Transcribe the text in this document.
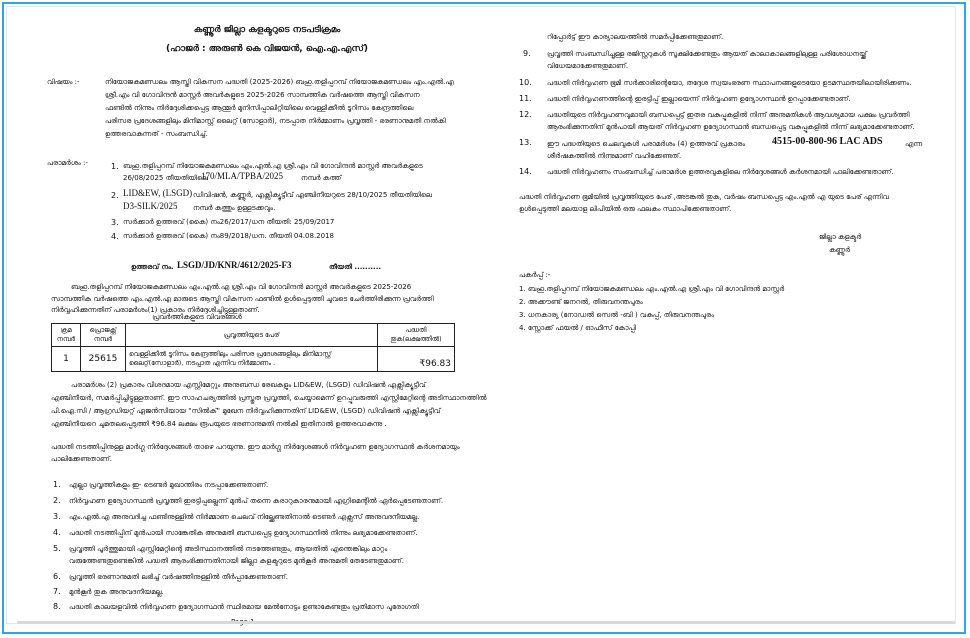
കണ്ണൂർ ജില്ലാ കളക്ടറുടെ നടപടിക്രമം
(ഹാജർ : അരുൺ കെ വിജയൻ, ഐ.എ.എസ്)
വിഷയം :-	നിയോജകമണ്ഡലം ആസ്തി വികസന പദ്ധതി (2025-2026) ബഹു.തളിപ്പറമ്പ് നിയോജകമണ്ഡലം എം.എൽ.എ
ശ്രീ.എം വി ഗോവിന്ദൻ മാസ്റ്റർ അവർകളുടെ 2025-2026 സാമ്പത്തിക വർഷത്തെ ആസ്തി വികസന
ഫണ്ടിൽ നിന്നും നിർദ്ദേശിക്കപ്പെട്ട ആന്തൂർ മുനിസിപ്പാലിറ്റിയിലെ വെള്ളിക്കീൽ ടൂറിസം കേന്ദ്രത്തിലെ
പരിസര പ്രദേശങ്ങളിലും മിനിമാസ്റ്റ് ലൈറ്റ് (സോളാർ), നടപ്പാത നിർമ്മാണം പ്രവൃത്തി - ഭരണാനുമതി നൽകി
ഉത്തരവാകുന്നത് - സംബന്ധിച്ച്.
പരാമർശം :-	1. ബഹു.തളിപ്പറമ്പ് നിയോജകമണ്ഡലം എം.എൽ.എ ശ്രീ.എം വി ഗോവിന്ദൻ മാസ്റ്റർ അവർകളുടെ
26/08/2025 തീയതിയിലെ
170/MLA/TPBA/2025	നമ്പർ കത്ത്
2. LID&EW, (LSGD) ഡിവിഷൻ, കണ്ണൂർ, എക്സിക്യൂട്ടീവ് എഞ്ചിനീയറുടെ 28/10/2025 തീയതിയിലെ
D3-SILK/2025 നമ്പർ കത്തും ഉള്ളടക്കവും.
3. സർക്കാർ ഉത്തരവ് (കൈ) നം26/2017/ധന തീയതി: 25/09/2017
4. സർക്കാർ ഉത്തരവ് (കൈ) നം89/2018/ധന. തീയതി 04.08.2018
ഉത്തരവ് നം. LSGD/JD/KNR/4612/2025-F3	തീയതി ..........
ബഹു.തളിപ്പറമ്പ് നിയോജകമണ്ഡലം എം.എൽ.എ ശ്രീ.എം വി ഗോവിന്ദൻ മാസ്റ്റർ അവർകളുടെ 2025-2026
സാമ്പത്തിക വർഷത്തെ എം.എൽ.എ മാരുടെ ആസ്തി വികസന ഫണ്ടിൽ ഉൾപ്പെടുത്തി ചുവടെ ചേർത്തിരിക്കുന്ന പ്രവർത്തി
നിർവ്വഹിക്കുന്നതിന് പരാമർശം(1) പ്രകാരം നിർദ്ദേശിച്ചിട്ടുള്ളതാണ്.
പ്രവർത്തികളുടെ വിവരങ്ങൾ
ക്രമ നമ്പർ	പ്രൊജക്റ്റ് നമ്പർ	പ്രവൃത്തിയുടെ പേര്	പദ്ധതി തുക(ലക്ഷത്തിൽ)
1	25615	വെള്ളിക്കീൽ ടൂറിസം കേന്ദ്രത്തിലും പരിസര പ്രദേശങ്ങളിലും മിനിമാസ്റ്റ് ലൈറ്റ്(സോളാർ), നടപ്പാത എന്നിവ നിർമ്മാണം .	₹96.83
പരാമർശം (2) പ്രകാരം വിശദമായ എസ്റ്റിമേറ്റും അനുബന്ധ രേഖകളും LID&EW, (LSGD) ഡിവിഷൻ എക്സിക്യൂട്ടീവ്
എഞ്ചിനീയർ, സമർപ്പിച്ചിട്ടുള്ളതാണ്. ഈ സാഹചര്യത്തിൽ പ്രസ്തുത പ്രവൃത്തി, ചെയ്യാമെന്ന് ഉറപ്പുവരുത്തി എസ്റ്റിമേറ്റിന്റെ അടിസ്ഥാനത്തിൽ
പി.ഐ.സി / ആഗ്രഡിയറ്റ് ഏജൻസിയായ "സിൽക്" മുഖേന നിർവ്വഹിക്കുന്നതിന് LID&EW, (LSGD) ഡിവിഷൻ എക്സിക്യൂട്ടീവ്
എഞ്ചിനീയറെ ചുമതലപ്പെടുത്തി ₹96.84 ലക്ഷം രൂപയുടെ ഭരണാനുമതി നൽകി ഇതിനാൽ ഉത്തരവാകുന്നു .
പദ്ധതി നടത്തിപ്പിനുള്ള മാർഗ്ഗ നിർദ്ദേശങ്ങൾ താഴെ പറയുന്നു. ഈ മാർഗ്ഗ നിർദ്ദേശങ്ങൾ നിർവ്വഹണ ഉദ്യോഗസ്ഥൻ കർശനമായും
പാലിക്കേണ്ടതാണ്.
1. എല്ലാ പ്രവൃത്തികളും ഇ- ടെണ്ടർ മുഖാന്തിരം നടപ്പാക്കേണ്ടതാണ്.
2. നിർവ്വഹണ ഉദ്യോഗസ്ഥൻ പ്രവൃത്തി ഇരട്ടിപ്പല്ലെന്ന് മുൻപ് തന്നെ കരാറുകാരനുമായി എഗ്രിമെന്റിൽ ഏർപ്പെടേണ്ടതാണ്.
3. എം.എൽ.എ അനുവദിച്ച ഫണ്ടിനുള്ളിൽ നിർമ്മാണ ചെലവ് നില്ക്കേണ്ടതിനാൽ ടെണ്ടർ എക്സസ് അനുവദനീയമല്ല.
4. പദ്ധതി നടത്തിപ്പിന് മുൻപായി സാങ്കേതിക അനുമതി ബന്ധപ്പെട്ട ഉദ്യോഗസ്ഥനിൽ നിന്നും ലഭ്യമാക്കേണ്ടതാണ്.
5. പ്രവൃത്തി പൂർത്തുമായി എസ്റ്റിമേറ്റിന്റെ അടിസ്ഥാനത്തിൽ നടത്തേണ്ടതും, ആയതിൽ എന്തെങ്കിലും മാറ്റം
വരുത്തേണ്ടതുണ്ടെങ്കിൽ പദ്ധതി ആരംഭിക്കുന്നതിനായി ജില്ലാ കളക്ടറുടെ മുൻകൂർ അനുമതി തേടേണ്ടതുമാണ്.
6. പ്രവൃത്തി ഭരണാനുമതി ലഭിച്ച് വർഷത്തിനുള്ളിൽ തീർപ്പാക്കേണ്ടതാണ്.
7. മുൻകൂർ തുക അനുവദനീയമല്ല.
8. പദ്ധതി കാലയളവിൽ നിർവ്വഹണ ഉദ്യോഗസ്ഥൻ സ്ഥിരമായ മേൽനോട്ടം ഉണ്ടാകേണ്ടതും പ്രതിമാസ പുരോഗതി
റിപ്പോർട്ട് ഈ കാര്യാലയത്തിൽ സമർപ്പിക്കേണ്ടതുമാണ്.
9. പ്രവൃത്തി സംബന്ധിച്ചുള്ള രജിസ്റ്ററുകൾ സൂക്ഷിക്കേണ്ടതും ആയത് കാലാകാലങ്ങളിലുള്ള പരിശോധനയ്ക്ക്
വിധേയമാക്കേണ്ടതുമാണ്.
10. പദ്ധതി നിർവ്വഹണ ഭൂമി സർക്കാരിന്റെയോ, തദ്ദേശ സ്വയംഭരണ സ്ഥാപനങ്ങളുടെയോ ഉടമസ്ഥതയിലായിരിക്കണം.
11. പദ്ധതി നിർവ്വഹണത്തിന്റെ ഇരട്ടിപ്പ് ഇല്ലായെന്ന് നിർവ്വഹണ ഉദ്യോഗസ്ഥൻ ഉറപ്പാക്കേണ്ടതാണ്.
12. പദ്ധതിയുടെ നിർവ്വഹണവുമായി ബന്ധപ്പെട്ട് ഇതര വകുപ്പുകളിൽ നിന്ന് അനുമതികൾ ആവശ്യമായ പക്ഷം പ്രവർത്തി
ആരംഭിക്കുന്നതിന് മുൻപായി ആയത് നിർവ്വഹണ ഉദ്യോഗസ്ഥൻ ബന്ധപ്പെട്ട വകുപ്പുകളിൽ നിന്ന് ലഭ്യമാക്കേണ്ടതാണ്.
13. ഈ പദ്ധതിയുടെ ചെലവുകൾ പരാമർശം (4) ഉത്തരവ് പ്രകാരം	4515-00-800-96 LAC ADS	എന്ന
ശീർഷകത്തിൽ നിന്നുമാണ് വഹിക്കേണ്ടത്.
14. പദ്ധതി നിർവ്വഹണം സംബന്ധിച്ച് പരാമർശ ഉത്തരവുകളിലെ നിർദ്ദേശങ്ങൾ കർശനമായി പാലിക്കേണ്ടതാണ്.
പദ്ധതി നിർവ്വഹണ ഭൂമിയിൽ പ്രവൃത്തിയുടെ പേര് ,അടങ്കൽ തുക, വർഷം ബന്ധപ്പെട്ട എം.എൽ എ യുടെ പേര് എന്നിവ
ഉൾപ്പെടുത്തി മലയാള ലിപിയിൽ ഒരു ഫലകം സ്ഥാപിക്കേണ്ടതാണ്.
ജില്ലാ കളക്ടർ
കണ്ണൂർ
പകർപ്പ് :-
1. ബഹു.തളിപ്പറമ്പ് നിയോജകമണ്ഡലം എം.എൽ.എ ശ്രീ.എം വി ഗോവിന്ദൻ മാസ്റ്റർ
2. അക്കൗണ്ട് ജനറൽ, തിരുവനന്തപുരം
3. ധനകാര്യ (നോഡൽ സെൽ -ബി ) വകുപ്പ്, തിരുവനന്തപുരം
4. സ്റ്റോക്ക് ഫയൽ / ഓഫീസ് കോപ്പി
